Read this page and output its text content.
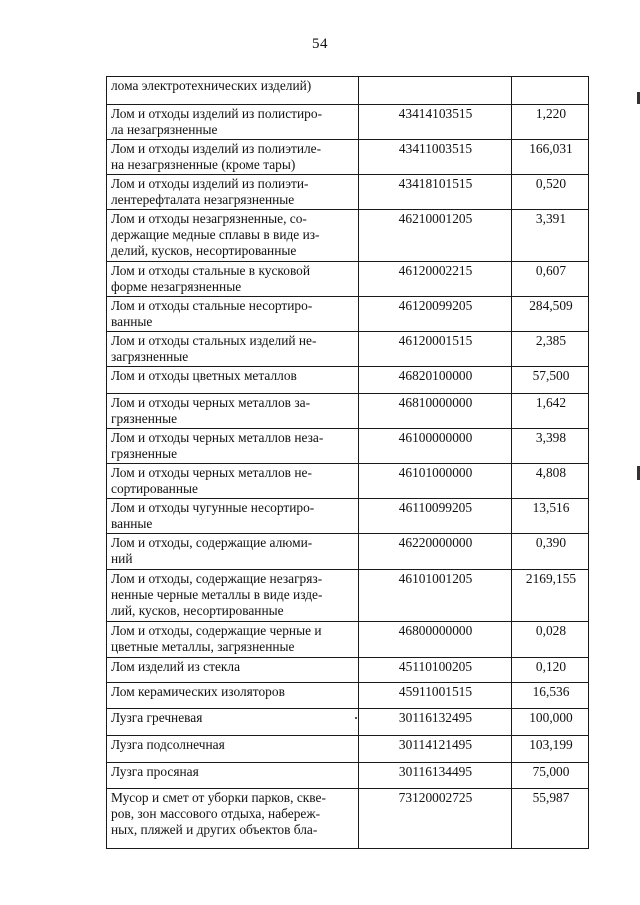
54
лома электротехнических изделий)		

Лом и отходы изделий из полистиро-
ла незагрязненные	43414103515	1,220

Лом и отходы изделий из полиэтиле-
на незагрязненные (кроме тары)	43411003515	166,031

Лом и отходы изделий из полиэти-
лентерефталата незагрязненные	43418101515	0,520

Лом и отходы незагрязненные, со-
держащие медные сплавы в виде из-
делий, кусков, несортированные	46210001205	3,391

Лом и отходы стальные в кусковой
форме незагрязненные	46120002215	0,607

Лом и отходы стальные несортиро-
ванные	46120099205	284,509

Лом и отходы стальных изделий не-
загрязненные	46120001515	2,385

Лом и отходы цветных металлов	46820100000	57,500

Лом и отходы черных металлов за-
грязненные	46810000000	1,642

Лом и отходы черных металлов неза-
грязненные	46100000000	3,398

Лом и отходы черных металлов не-
сортированные	46101000000	4,808

Лом и отходы чугунные несортиро-
ванные	46110099205	13,516

Лом и отходы, содержащие алюми-
ний	46220000000	0,390

Лом и отходы, содержащие незагряз-
ненные черные металлы в виде изде-
лий, кусков, несортированные	46101001205	2169,155

Лом и отходы, содержащие черные и
цветные металлы, загрязненные	46800000000	0,028

Лом изделий из стекла	45110100205	0,120

Лом керамических изоляторов	45911001515	16,536

Лузга гречневая	30116132495	100,000

Лузга подсолнечная	30114121495	103,199

Лузга просяная	30116134495	75,000

Мусор и смет от уборки парков, скве-
ров, зон массового отдыха, набереж-
ных, пляжей и других объектов бла-	73120002725	55,987
